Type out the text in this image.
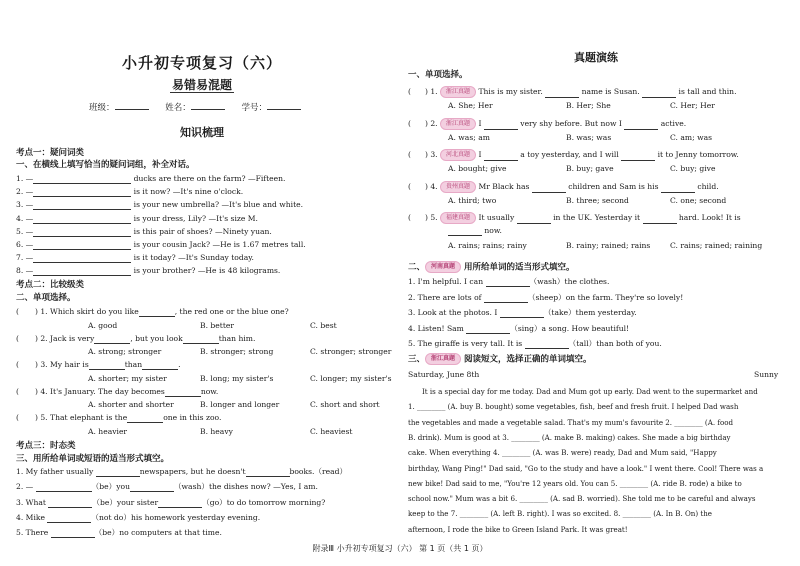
小升初专项复习（六）
易错易混题
班级：	姓名：	学号：
知识梳理
考点一：疑问词类
一、在横线上填写恰当的疑问词组，补全对话。
1. —	ducks are there on the farm? —Fifteen.
2. —	is it now? —It's nine o'clock.
3. —	is your new umbrella? —It's blue and white.
4. —	is your dress, Lily? —It's size M.
5. —	is this pair of shoes? —Ninety yuan.
6. —	is your cousin Jack? —He is 1.67 metres tall.
7. —	is it today? —It's Sunday today.
8. —	is your brother? —He is 48 kilograms.
考点二：比较级类
二、单项选择。
( ) 1. Which skirt do you like	, the red one or the blue one?
A. good	B. better	C. best
( ) 2. Jack is very	, but you look	than him.
A. strong; stronger	B. stronger; strong	C. stronger; stronger
( ) 3. My hair is	than	.
A. shorter; my sister	B. long; my sister's	C. longer; my sister's
( ) 4. It's January. The day becomes	now.
A. shorter and shorter	B. longer and longer	C. short and short
( ) 5. That elephant is the	one in this zoo.
A. heavier	B. heavy	C. heaviest
考点三：时态类
三、用所给单词或短语的适当形式填空。
1. My father usually	newspapers, but he doesn't	books.（read）
2. —	（be）you	（wash）the dishes now? —Yes, I am.
3. What	（be）your sister	（go）to do tomorrow morning?
4. Mike	（not do）his homework yesterday evening.
5. There	（be）no computers at that time.
真题演练
一、单项选择。
( ) 1. 浙江真题 This is my sister.	name is Susan.	is tall and thin.
A. She; Her	B. Her; She	C. Her; Her
( ) 2. 浙江真题 I	very shy before. But now I	active.
A. was; am	B. was; was	C. am; was
( ) 3. 河北真题 I	a toy yesterday, and I will	it to Jenny tomorrow.
A. bought; give	B. buy; gave	C. buy; give
( ) 4. 贵州真题 Mr Black has	children and Sam is his	child.
A. third; two	B. three; second	C. one; second
( ) 5. 福建真题 It usually	in the UK. Yesterday it	hard. Look! It is
now.
A. rains; rains; rainy	B. rainy; rained; rains	C. rains; rained; raining
二、 河南真题 用所给单词的适当形式填空。
1. I'm helpful. I can	（wash）the clothes.
2. There are lots of	（sheep）on the farm. They're so lovely!
3. Look at the photos. I	（take）them yesterday.
4. Listen! Sam	（sing）a song. How beautiful!
5. The giraffe is very tall. It is	（tall）than both of you.
三、 浙江真题 阅读短文，选择正确的单词填空。
Saturday, June 8th	Sunny
It is a special day for me today. Dad and Mum got up early. Dad went to the supermarket and
1. ________ (A. buy B. bought) some vegetables, fish, beef and fresh fruit. I helped Dad wash
the vegetables and made a vegetable salad. That's my mum's favourite 2. ________ (A. food
B. drink). Mum is good at 3. ________ (A. make B. making) cakes. She made a big birthday
cake. When everything 4. ________ (A. was B. were) ready, Dad and Mum said, "Happy
birthday, Wang Ping!" Dad said, "Go to the study and have a look." I went there. Cool! There was a
new bike! Dad said to me, "You're 12 years old. You can 5. ________ (A. ride B. rode) a bike to
school now." Mum was a bit 6. ________ (A. sad B. worried). She told me to be careful and always
keep to the 7. ________ (A. left B. right). I was so excited. 8. ________ (A. In B. On) the
afternoon, I rode the bike to Green Island Park. It was great!
附录Ⅲ 小升初专项复习（六） 第 1 页（共 1 页）
